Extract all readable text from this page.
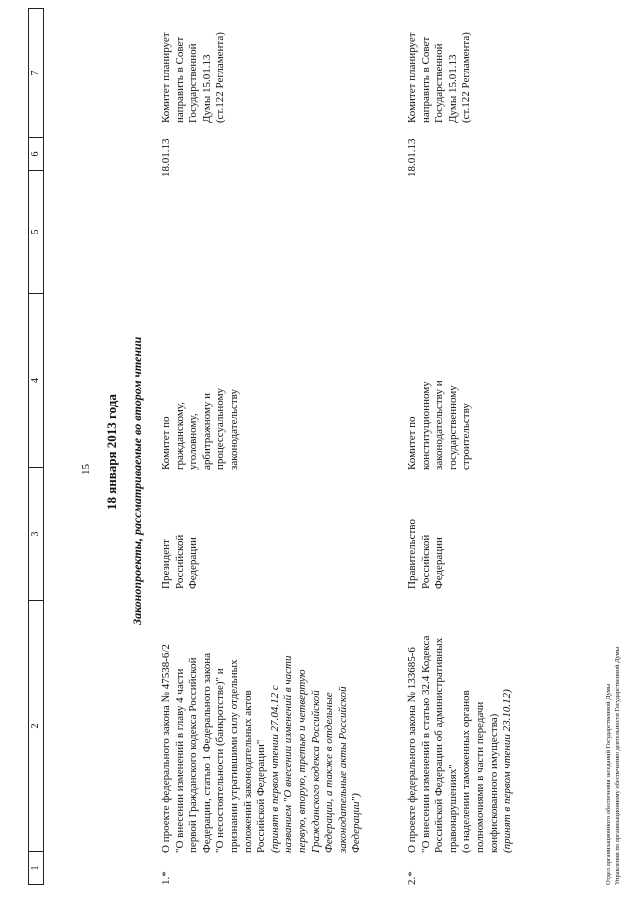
15
1
2
3
4
5
6
7
18 января 2013 года Законопроекты, рассматриваемые во втором чтении
1.*
О проекте федерального закона № 47538-6/2
"О внесении изменений в главу 4 части
первой Гражданского кодекса Российской
Федерации, статью 1 Федерального закона
"О несостоятельности (банкротстве)" и
признании утратившими силу отдельных
положений законодательных актов
Российской Федерации"
(принят в первом чтении 27.04.12 с
названием "О внесении изменений в части
первую, вторую, третью и четвертую
Гражданского кодекса Российской
Федерации, а также в отдельные
законодательные акты Российской
Федерации")
Президент
Российской
Федерации
Комитет по
гражданскому,
уголовному,
арбитражному и
процессуальному
законодательству
18.01.13
Комитет планирует
направить в Совет
Государственной
Думы 15.01.13
(ст.122 Регламента)
2.*
О проекте федерального закона № 133685-6
"О внесении изменений в статью 32.4 Кодекса
Российской Федерации об административных
правонарушениях"
(о наделении таможенных органов
полномочиями в части передачи
конфискованного имущества) (принят в первом чтении 23.10.12)
Правительство
Российской
Федерации
Комитет по
конституционному
законодательству и
государственному
строительству
18.01.13
Комитет планирует
направить в Совет
Государственной
Думы 15.01.13
(ст.122 Регламента)
Отдел организационного обеспечения заседаний Государственной Думы Управления по организационному обеспечению деятельности Государственной Думы
